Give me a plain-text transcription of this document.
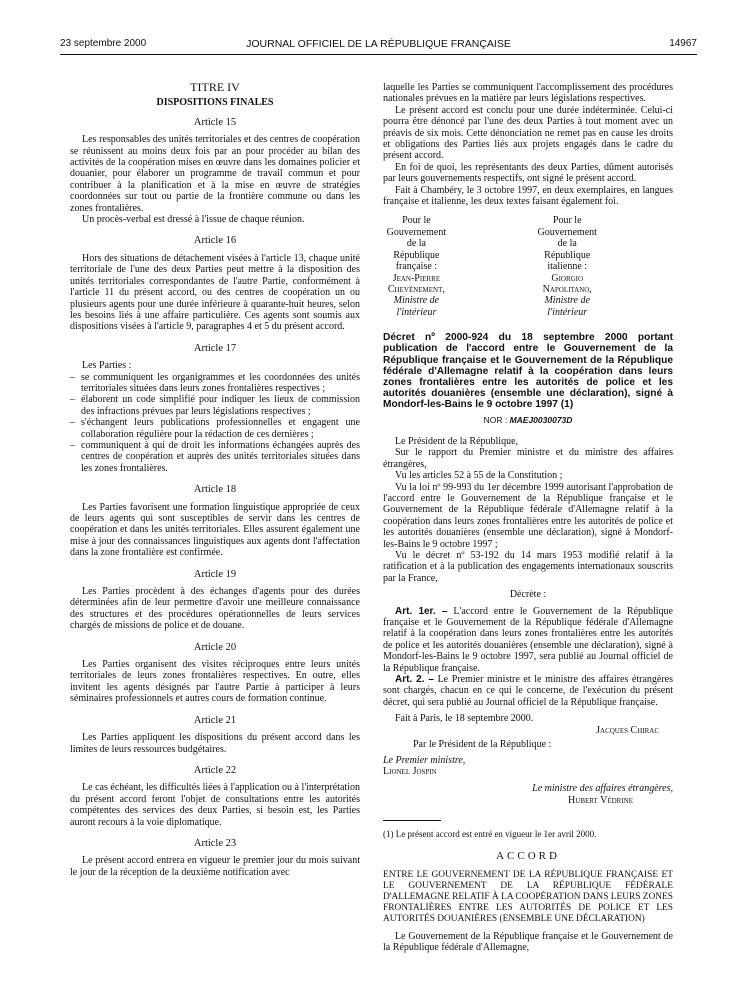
23 septembre 2000	JOURNAL OFFICIEL DE LA RÉPUBLIQUE FRANÇAISE	14967
TITRE IV
DISPOSITIONS FINALES
Article 15

Les responsables des unités territoriales et des centres de coopération se réunissent au moins deux fois par an pour procéder au bilan des activités de la coopération mises en œuvre dans les domaines policier et douanier, pour élaborer un programme de travail commun et pour contribuer à la planification et à la mise en œuvre de stratégies coordonnées sur tout ou partie de la frontière commune ou dans les zones frontalières.

Un procès-verbal est dressé à l'issue de chaque réunion.

Article 16

Hors des situations de détachement visées à l'article 13, chaque unité territoriale de l'une des deux Parties peut mettre à la disposition des unités territoriales correspondantes de l'autre Partie, conformément à l'article 11 du présent accord, ou des centres de coopération un ou plusieurs agents pour une durée inférieure à quarante-huit heures, selon les besoins liés à une affaire particulière. Ces agents sont soumis aux dispositions visées à l'article 9, paragraphes 4 et 5 du présent accord.

Article 17

Les Parties :

– se communiquent les organigrammes et les coordonnées des unités territoriales situées dans leurs zones frontalières respectives ;
– élaborent un code simplifié pour indiquer les lieux de commission des infractions prévues par leurs législations respectives ;
– s'échangent leurs publications professionnelles et engagent une collaboration régulière pour la rédaction de ces dernières ;
– communiquent à qui de droit les informations échangées auprès des centres de coopération et auprès des unités territoriales situées dans les zones frontalières.
Article 18

Les Parties favorisent une formation linguistique appropriée de ceux de leurs agents qui sont susceptibles de servir dans les centres de coopération et dans les unités territoriales. Elles assurent également une mise à jour des connaissances linguistiques aux agents dont l'affectation dans la zone frontalière est confirmée.

Article 19

Les Parties procèdent à des échanges d'agents pour des durées déterminées afin de leur permettre d'avoir une meilleure connaissance des structures et des procédures opérationnelles de leurs services chargés de missions de police et de douane.

Article 20

Les Parties organisent des visites réciproques entre leurs unités territoriales de leurs zones frontalières respectives. En outre, elles invitent les agents désignés par l'autre Partie à participer à leurs séminaires professionnels et autres cours de formation continue.

Article 21

Les Parties appliquent les dispositions du présent accord dans les limites de leurs ressources budgétaires.

Article 22

Le cas échéant, les difficultés liées à l'application ou à l'interprétation du présent accord feront l'objet de consultations entre les autorités compétentes des services des deux Parties, si besoin est, les Parties auront recours à la voie diplomatique.

Article 23

Le présent accord entrera en vigueur le premier jour du mois suivant le jour de la réception de la deuxième notification avec

laquelle les Parties se communiquent l'accomplissement des procédures nationales prévues en la matière par leurs législations respectives.

Le présent accord est conclu pour une durée indéterminée. Celui-ci pourra être dénoncé par l'une des deux Parties à tout moment avec un préavis de six mois. Cette dénonciation ne remet pas en cause les droits et obligations des Parties liés aux projets engagés dans le cadre du présent accord.

En foi de quoi, les représentants des deux Parties, dûment autorisés par leurs gouvernements respectifs, ont signé le présent accord.

Fait à Chambéry, le 3 octobre 1997, en deux exemplaires, en langues française et italienne, les deux textes faisant également foi.

Pour le Gouvernement
de la République française :
Jean-Pierre Chevènement,
Ministre de l'intérieur
Pour le Gouvernement
de la République italienne :
Giorgio Napolitano,
Ministre de l'intérieur
Décret nº 2000-924 du 18 septembre 2000 portant publication de l'accord entre le Gouvernement de la République française et le Gouvernement de la République fédérale d'Allemagne relatif à la coopération dans leurs zones frontalières entre les autorités de police et les autorités douanières (ensemble une déclaration), signé à Mondorf-les-Bains le 9 octobre 1997 (1)
NOR : MAEJ0030073D

Le Président de la République,

Sur le rapport du Premier ministre et du ministre des affaires étrangères,

Vu les articles 52 à 55 de la Constitution ;

Vu la loi nº 99-993 du 1er décembre 1999 autorisant l'approbation de l'accord entre le Gouvernement de la République française et le Gouvernement de la République fédérale d'Allemagne relatif à la coopération dans leurs zones frontalières entre les autorités de police et les autorités douanières (ensemble une déclaration), signé à Mondorf-les-Bains le 9 octobre 1997 ;

Vu le décret nº 53-192 du 14 mars 1953 modifié relatif à la ratification et à la publication des engagements internationaux souscrits par la France,

Décrète :

Art. 1er. – L'accord entre le Gouvernement de la République française et le Gouvernement de la République fédérale d'Allemagne relatif à la coopération dans leurs zones frontalières entre les autorités de police et les autorités douanières (ensemble une déclaration), signé à Mondorf-les-Bains le 9 octobre 1997, sera publié au Journal officiel de la République française.

Art. 2. – Le Premier ministre et le ministre des affaires étrangères sont chargés, chacun en ce qui le concerne, de l'exécution du présent décret, qui sera publié au Journal officiel de la République française.

Fait à Paris, le 18 septembre 2000.

Jacques Chirac
Par le Président de la République :
Le Premier ministre,
Lionel Jospin
Le ministre des affaires étrangères,
Hubert Védrine
(1) Le présent accord est entré en vigueur le 1er avril 2000.
ACCORD
ENTRE LE GOUVERNEMENT DE LA RÉPUBLIQUE FRANÇAISE ET LE GOUVERNEMENT DE LA RÉPUBLIQUE FÉDÉRALE D'ALLEMAGNE RELATIF À LA COOPÉRATION DANS LEURS ZONES FRONTALIÈRES ENTRE LES AUTORITÉS DE POLICE ET LES AUTORITÉS DOUANIÈRES (ENSEMBLE UNE DÉCLARATION)

Le Gouvernement de la République française et le Gouvernement de la République fédérale d'Allemagne,
